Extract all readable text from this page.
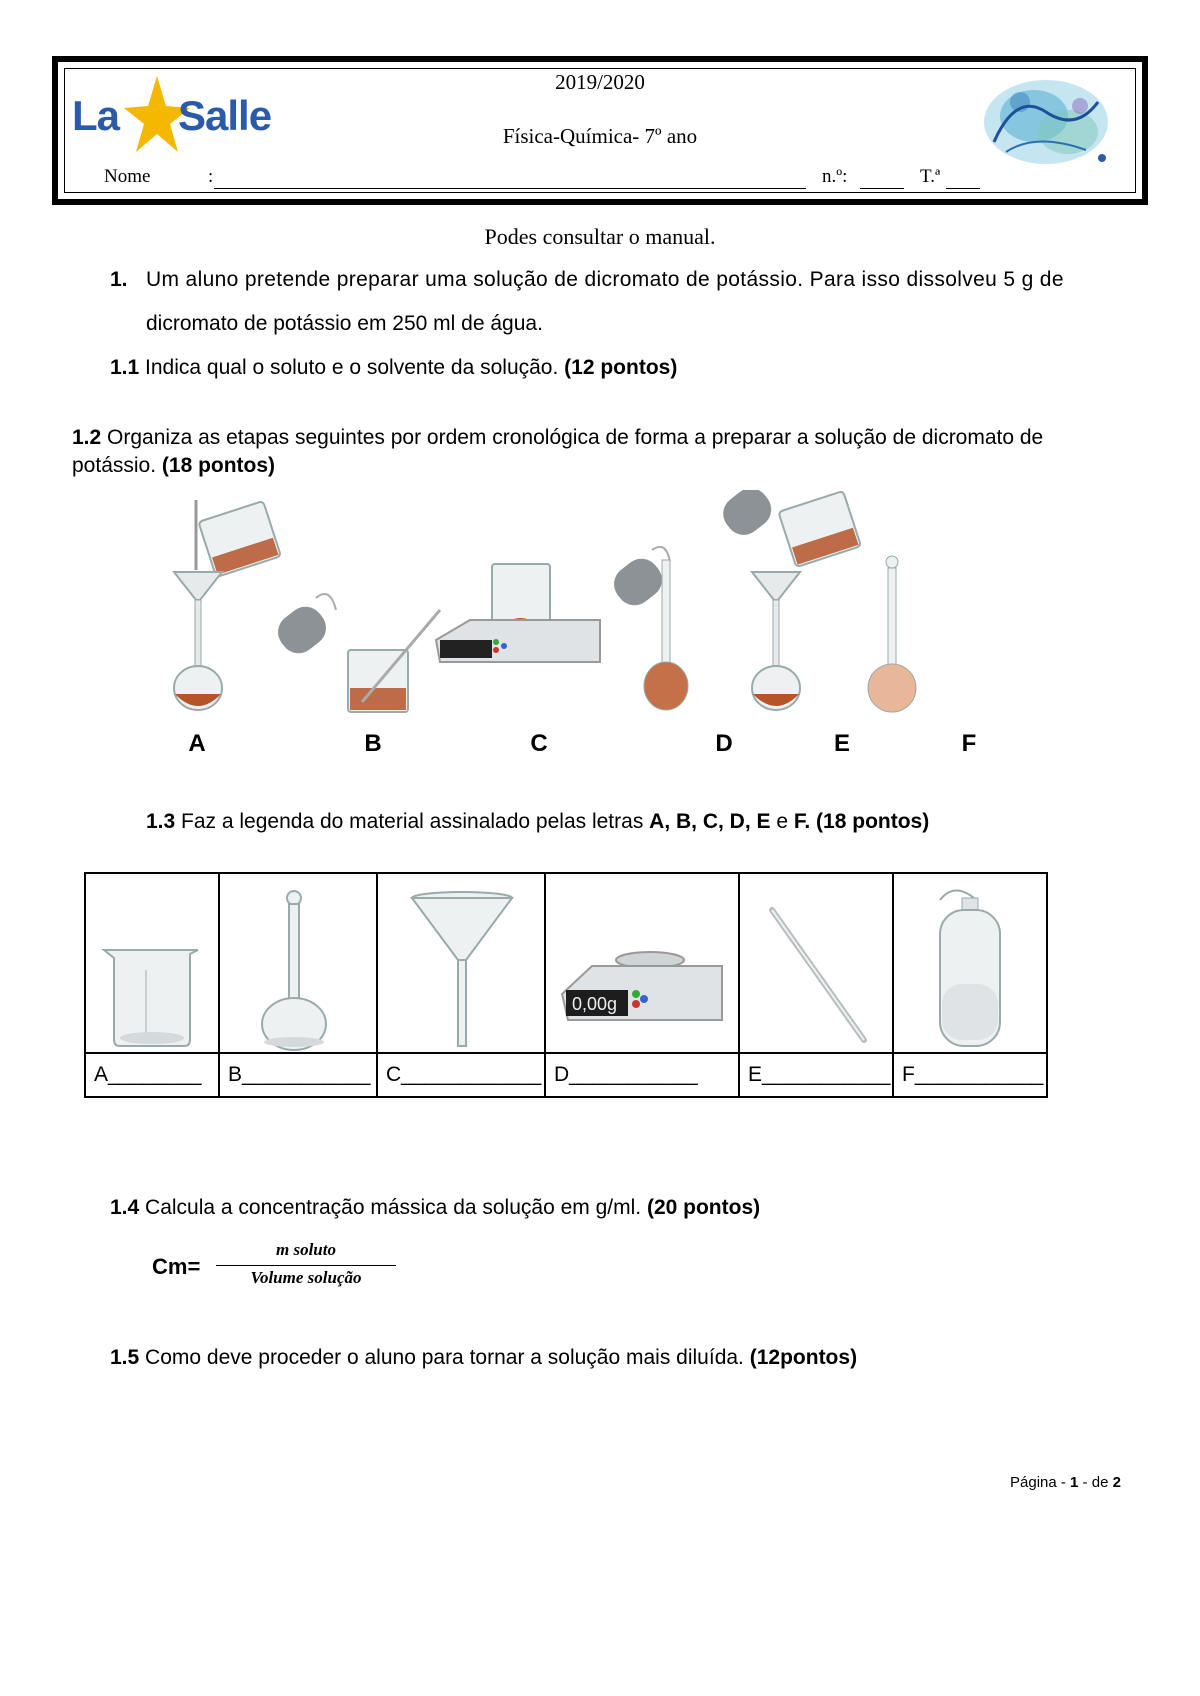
La Salle
2019/2020
Física-Química- 7º ano
Nome	:	n.º:	T.ª
Podes consultar o manual.
1. Um aluno pretende preparar uma solução de dicromato de potássio. Para isso dissolveu 5 g de
dicromato de potássio em 250 ml de água.
1.1 Indica qual o soluto e o solvente da solução. (12 pontos)
1.2 Organiza as etapas seguintes por ordem cronológica de forma a preparar a solução de dicromato de
potássio. (18 pontos)
A	B	C	D	E	F
1.3 Faz a legenda do material assinalado pelas letras A, B, C, D, E e F. (18 pontos)

0,00g

A________	B___________	C____________	D___________	E___________	F___________
1.4 Calcula a concentração mássica da solução em g/ml. (20 pontos)
Cm=
m soluto
Volume solução
1.5 Como deve proceder o aluno para tornar a solução mais diluída. (12pontos)
Página - 1 - de 2
